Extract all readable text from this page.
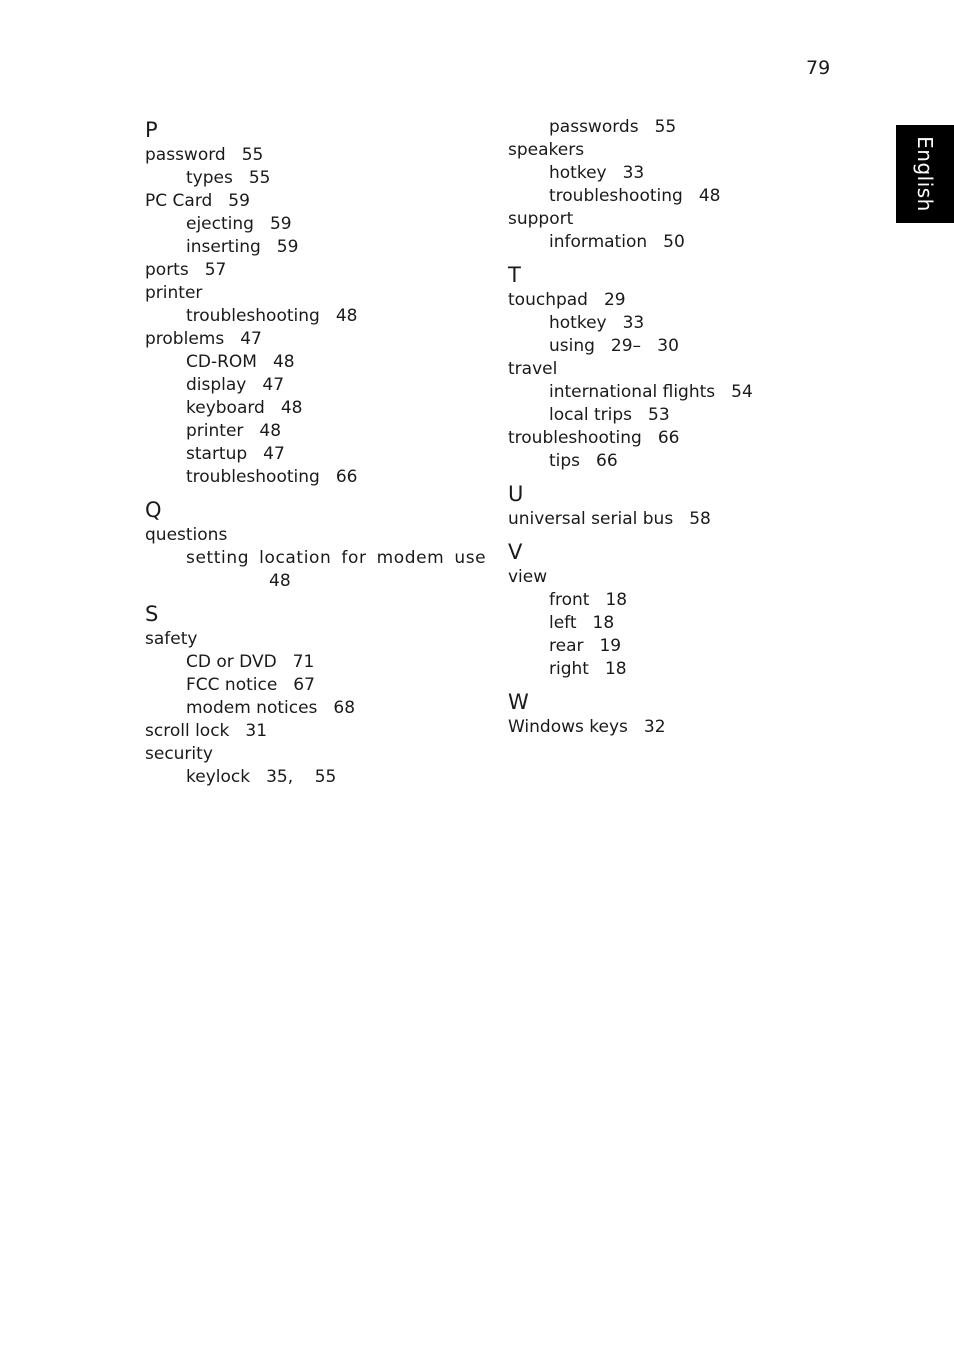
79
English
P
password 55
types 55
PC Card 59
ejecting 59
inserting 59
ports 57
printer
troubleshooting 48
problems 47
CD-ROM 48
display 47
keyboard 48
printer 48
startup 47
troubleshooting 66
Q
questions
setting location for modem use
48
S
safety
CD or DVD 71
FCC notice 67
modem notices 68
scroll lock 31
security
keylock 35,    55
passwords 55
speakers
hotkey 33
troubleshooting 48
support
information 50
T
touchpad 29
hotkey 33
using 29–   30
travel
international flights 54
local trips 53
troubleshooting 66
tips 66
U
universal serial bus 58
V
view
front 18
left 18
rear 19
right 18
W
Windows keys 32
